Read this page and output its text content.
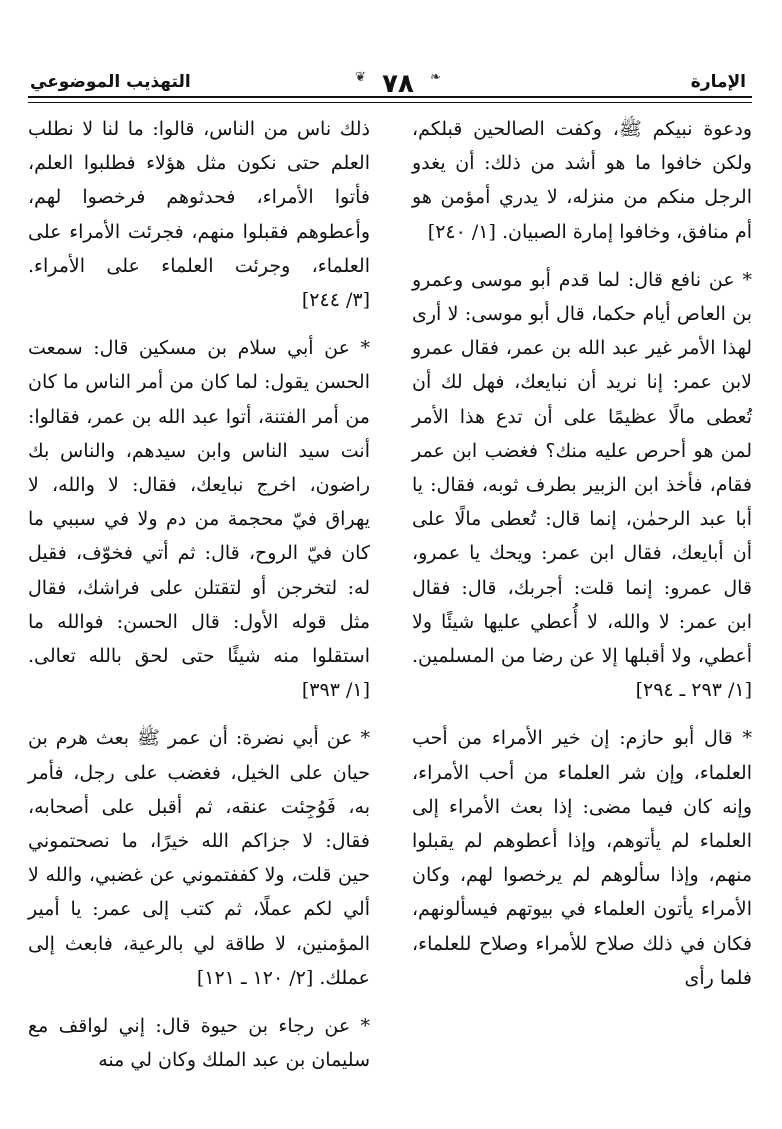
الإمارة
❦ ٧٨ ❧
التهذيب الموضوعي

ودعوة نبيكم ﷺ، وكفت الصالحين قبلكم، ولكن خافوا ما هو أشد من ذلك: أن يغدو الرجل منكم من منزله، لا يدري أمؤمن هو أم منافق، وخافوا إمارة الصبيان. [١/ ٢٤٠]

* عن نافع قال: لما قدم أبو موسى وعمرو بن العاص أيام حكما، قال أبو موسى: لا أرى لهذا الأمر غير عبد الله بن عمر، فقال عمرو لابن عمر: إنا نريد أن نبايعك، فهل لك أن تُعطى مالًا عظيمًا على أن تدع هذا الأمر لمن هو أحرص عليه منك؟ فغضب ابن عمر فقام، فأخذ ابن الزبير بطرف ثوبه، فقال: يا أبا عبد الرحمٰن، إنما قال: تُعطى مالًا على أن أبايعك، فقال ابن عمر: ويحك يا عمرو، قال عمرو: إنما قلت: أجربك، قال: فقال ابن عمر: لا والله، لا أُعطي عليها شيئًا ولا أعطي، ولا أقبلها إلا عن رضا من المسلمين. [١/ ٢٩٣ ـ ٢٩٤]

* قال أبو حازم: إن خير الأمراء من أحب العلماء، وإن شر العلماء من أحب الأمراء، وإنه كان فيما مضى: إذا بعث الأمراء إلى العلماء لم يأتوهم، وإذا أعطوهم لم يقبلوا منهم، وإذا سألوهم لم يرخصوا لهم، وكان الأمراء يأتون العلماء في بيوتهم فيسألونهم، فكان في ذلك صلاح للأمراء وصلاح للعلماء، فلما رأى

ذلك ناس من الناس، قالوا: ما لنا لا نطلب العلم حتى نكون مثل هؤلاء فطلبوا العلم، فأتوا الأمراء، فحدثوهم فرخصوا لهم، وأعطوهم فقبلوا منهم، فجرئت الأمراء على العلماء، وجرئت العلماء على الأمراء. [٣/ ٢٤٤]

* عن أبي سلام بن مسكين قال: سمعت الحسن يقول: لما كان من أمر الناس ما كان من أمر الفتنة، أتوا عبد الله بن عمر، فقالوا: أنت سيد الناس وابن سيدهم، والناس بك راضون، اخرج نبايعك، فقال: لا والله، لا يهراق فيّ محجمة من دم ولا في سببي ما كان فيّ الروح، قال: ثم أتي فخوّف، فقيل له: لتخرجن أو لتقتلن على فراشك، فقال مثل قوله الأول: قال الحسن: فوالله ما استقلوا منه شيئًا حتى لحق بالله تعالى. [١/ ٣٩٣]

* عن أبي نضرة: أن عمر ﷺ بعث هرم بن حيان على الخيل، فغضب على رجل، فأمر به، فَوُجِئت عنقه، ثم أقبل على أصحابه، فقال: لا جزاكم الله خيرًا، ما نصحتموني حين قلت، ولا كففتموني عن غضبي، والله لا ألي لكم عملًا، ثم كتب إلى عمر: يا أمير المؤمنين، لا طاقة لي بالرعية، فابعث إلى عملك. [٢/ ١٢٠ ـ ١٢١]

* عن رجاء بن حيوة قال: إني لواقف مع سليمان بن عبد الملك وكان لي منه
